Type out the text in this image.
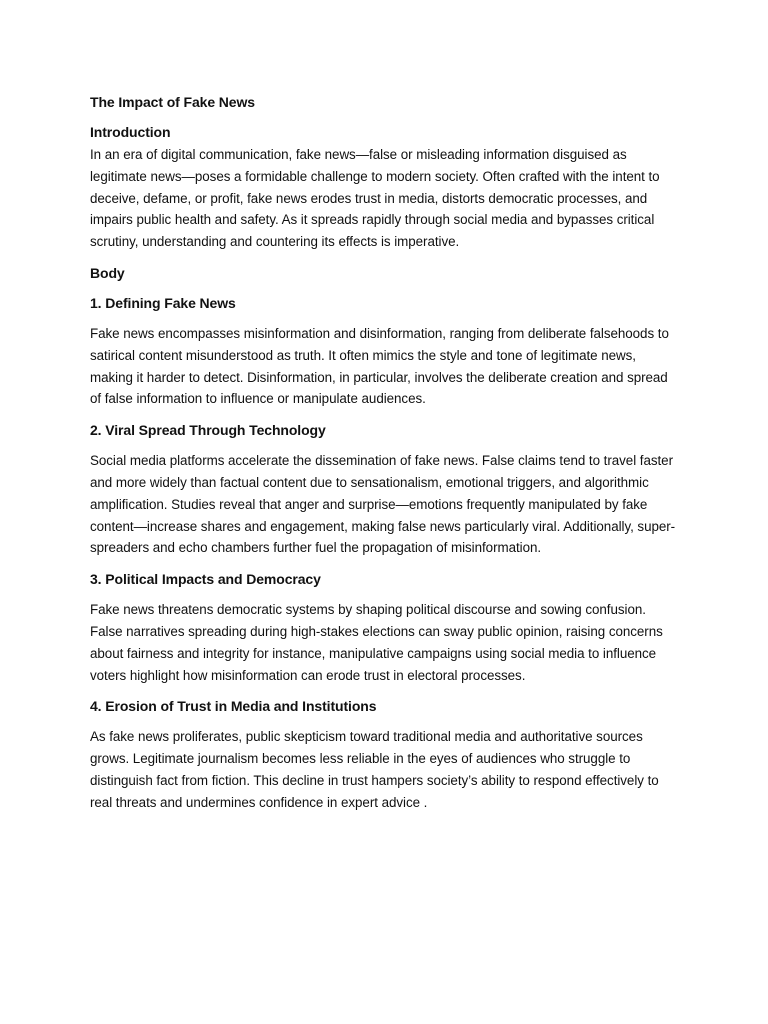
The Impact of Fake News
Introduction

In an era of digital communication, fake news—false or misleading information disguised as legitimate news—poses a formidable challenge to modern society. Often crafted with the intent to deceive, defame, or profit, fake news erodes trust in media, distorts democratic processes, and impairs public health and safety. As it spreads rapidly through social media and bypasses critical scrutiny, understanding and countering its effects is imperative.

Body
1. Defining Fake News

Fake news encompasses misinformation and disinformation, ranging from deliberate falsehoods to satirical content misunderstood as truth. It often mimics the style and tone of legitimate news, making it harder to detect. Disinformation, in particular, involves the deliberate creation and spread of false information to influence or manipulate audiences.

2. Viral Spread Through Technology

Social media platforms accelerate the dissemination of fake news. False claims tend to travel faster and more widely than factual content due to sensationalism, emotional triggers, and algorithmic amplification. Studies reveal that anger and surprise—emotions frequently manipulated by fake content—increase shares and engagement, making false news particularly viral. Additionally, super-spreaders and echo chambers further fuel the propagation of misinformation.

3. Political Impacts and Democracy

Fake news threatens democratic systems by shaping political discourse and sowing confusion. False narratives spreading during high-stakes elections can sway public opinion, raising concerns about fairness and integrity for instance, manipulative campaigns using social media to influence voters highlight how misinformation can erode trust in electoral processes.

4. Erosion of Trust in Media and Institutions

As fake news proliferates, public skepticism toward traditional media and authoritative sources grows. Legitimate journalism becomes less reliable in the eyes of audiences who struggle to distinguish fact from fiction. This decline in trust hampers society’s ability to respond effectively to real threats and undermines confidence in expert advice .
